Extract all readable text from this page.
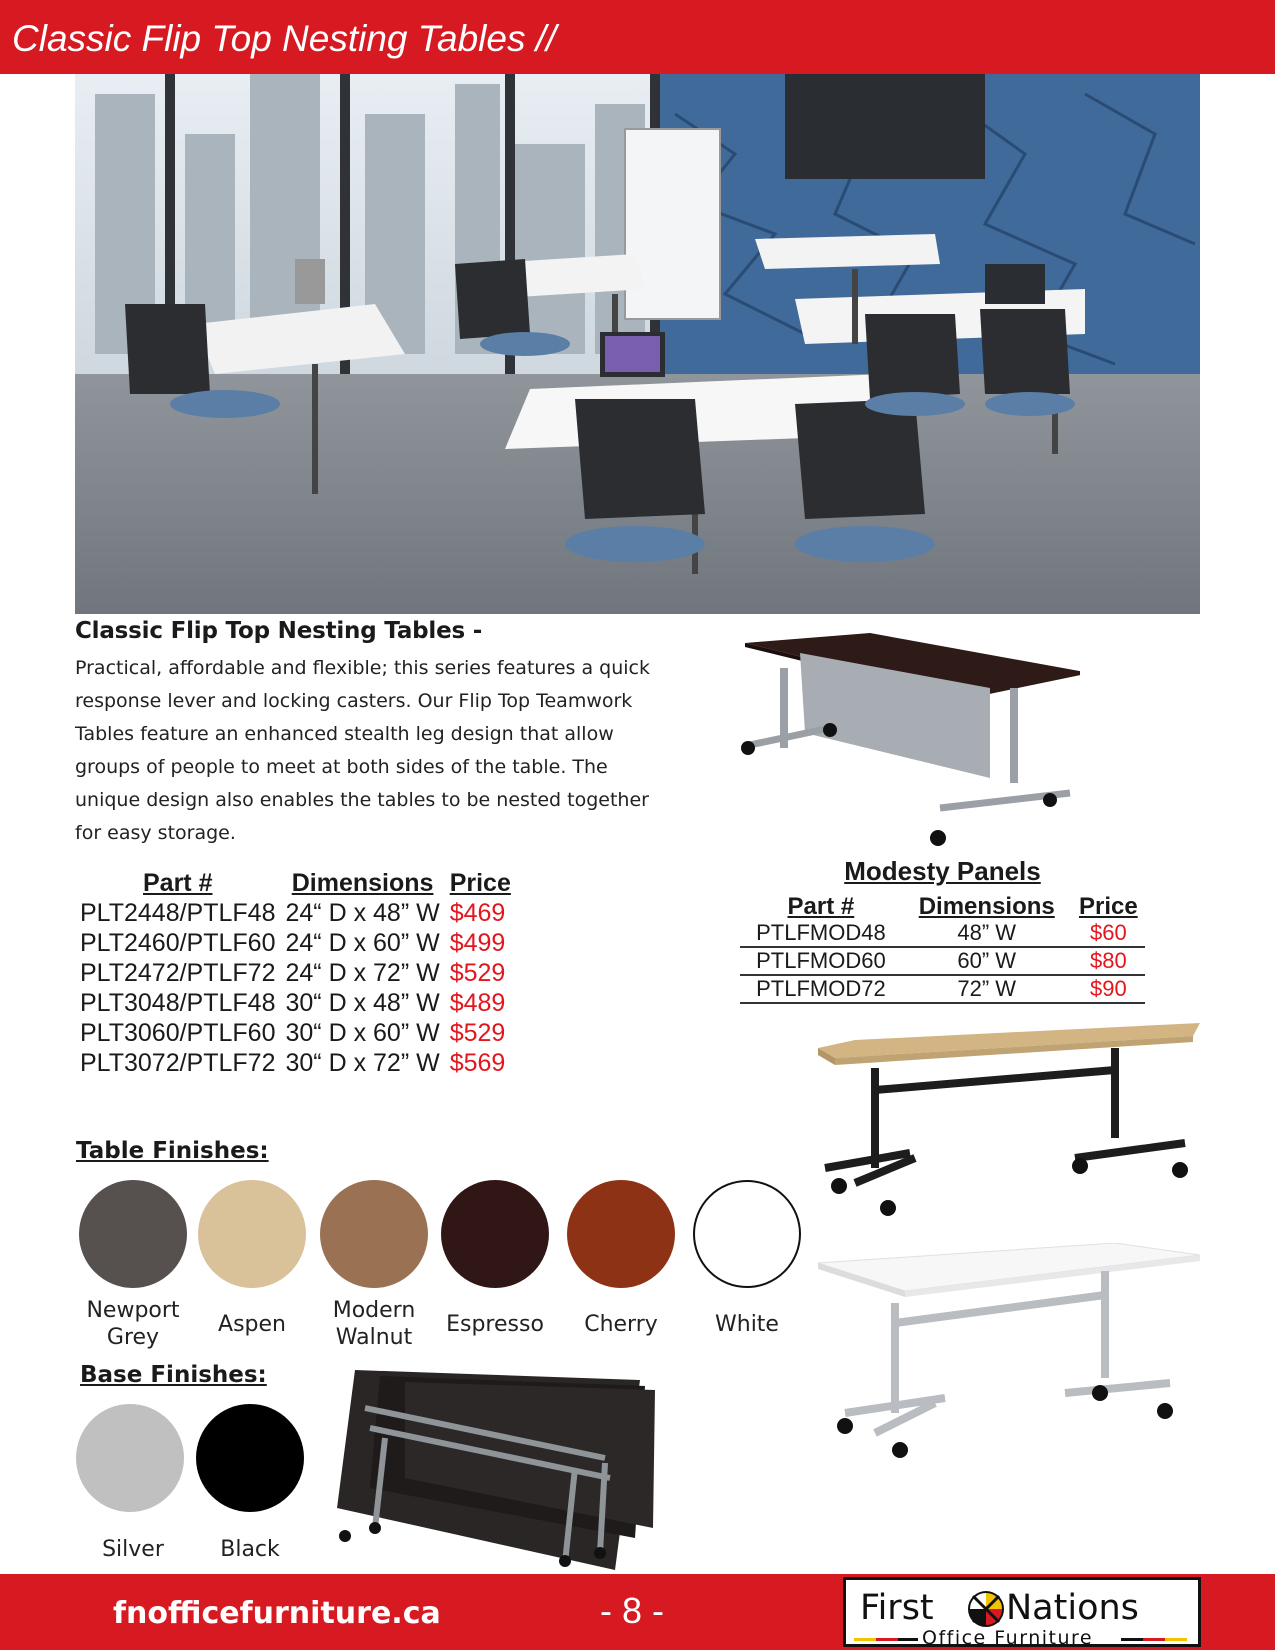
Classic Flip Top Nesting Tables //
Classic Flip Top Nesting Tables -

Practical, affordable and flexible; this series features a quick
response lever and locking casters. Our Flip Top Teamwork
Tables feature an enhanced stealth leg design that allow
groups of people to meet at both sides of the table. The
unique design also enables the tables to be nested together
for easy storage.

Part #	Dimensions	Price
PLT2448/PTLF48	24“ D x 48” W	$469
PLT2460/PTLF60	24“ D x 60” W	$499
PLT2472/PTLF72	24“ D x 72” W	$529
PLT3048/PTLF48	30“ D x 48” W	$489
PLT3060/PTLF60	30“ D x 60” W	$529
PLT3072/PTLF72	30“ D x 72” W	$569
Modesty Panels
Part #	Dimensions	Price
PTLFMOD48	48” W	$60
PTLFMOD60	60” W	$80
PTLFMOD72	72” W	$90
Table Finishes:
Newport
Grey
Aspen
Modern
Walnut
Espresso	Cherry	White
Base Finishes:
Silver	Black
fnofficefurniture.ca	- 8 -	First Nations
Office Furniture
